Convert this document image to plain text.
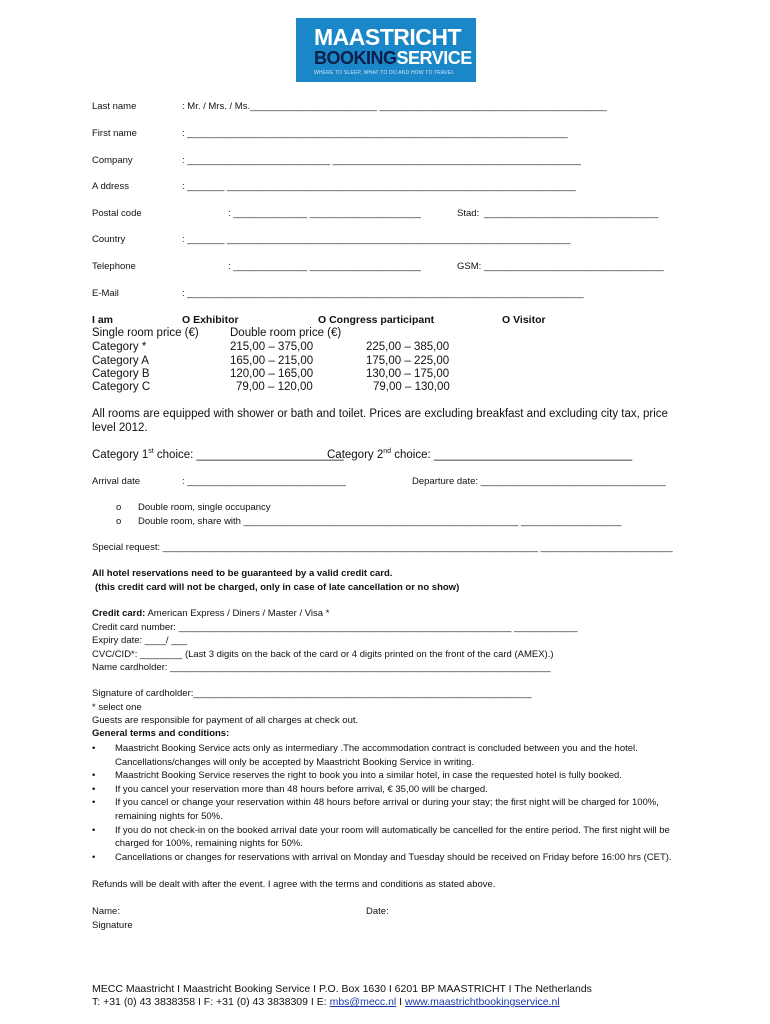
MAASTRICHT
BOOKINGSERVICE
WHERE TO SLEEP, WHAT TO DO AND HOW TO TRAVEL
Last name	: Mr. / Mrs. / Ms.________________________ ___________________________________________
First name	: ________________________________________________________________________
Company	: ___________________________ _______________________________________________
A ddress	: _______ __________________________________________________________________
Postal code	: ______________ _____________________	Stad: _________________________________
Country	: _______ _________________________________________________________________
Telephone	: ______________ _____________________	GSM: __________________________________
E-Mail	: ___________________________________________________________________________
I am	O Exhibitor	O Congress participant	O Visitor
Single room price (€)	Double room price (€)
Category *	215,00 – 375,00	225,00 – 385,00
Category A	165,00 – 215,00	175,00 – 225,00
Category B	120,00 – 165,00	130,00 – 175,00
Category C	79,00 – 120,00	79,00 – 130,00
All rooms are equipped with shower or bath and toilet. Prices are excluding breakfast and excluding city tax, price level 2012.
Category 1st choice: _______________________
Category 2nd choice: _______________________________
Arrival date	: ______________________________	Departure date: ___________________________________
o Double room, single occupancy
o Double room, share with ____________________________________________________ ___________________
Special request: _______________________________________________________________________ _________________________
All hotel reservations need to be guaranteed by a valid credit card.
(this credit card will not be charged, only in case of late cancellation or no show)
Credit card: American Express / Diners / Master / Visa *
Credit card number: _______________________________________________________________ ____________
Expiry date: ____/ ___
CVC/CID*: ________ (Last 3 digits on the back of the card or 4 digits printed on the front of the card (AMEX).)
Name cardholder: ________________________________________________________________________
Signature of cardholder:________________________________________________________________
* select one
Guests are responsible for payment of all charges at check out.
General terms and conditions:
•	Maastricht Booking Service acts only as intermediary .The accommodation contract is concluded between you and the hotel. Cancellations/changes will only be accepted by Maastricht Booking Service in writing.
•	Maastricht Booking Service reserves the right to book you into a similar hotel, in case the requested hotel is fully booked.
•	If you cancel your reservation more than 48 hours before arrival, € 35,00 will be charged.
•	If you cancel or change your reservation within 48 hours before arrival or during your stay; the first night will be charged for 100%, remaining nights for 50%.
•	If you do not check-in on the booked arrival date your room will automatically be cancelled for the entire period. The first night will be charged for 100%, remaining nights for 50%.
•	Cancellations or changes for reservations with arrival on Monday and Tuesday should be received on Friday before 16:00 hrs (CET).
Refunds will be dealt with after the event. I agree with the terms and conditions as stated above.
Name:	Date:
Signature
MECC Maastricht I Maastricht Booking Service I P.O. Box 1630 I 6201 BP MAASTRICHT I The Netherlands
T: +31 (0) 43 3838358 I F: +31 (0) 43 3838309 I E: mbs@mecc.nl I www.maastrichtbookingservice.nl
